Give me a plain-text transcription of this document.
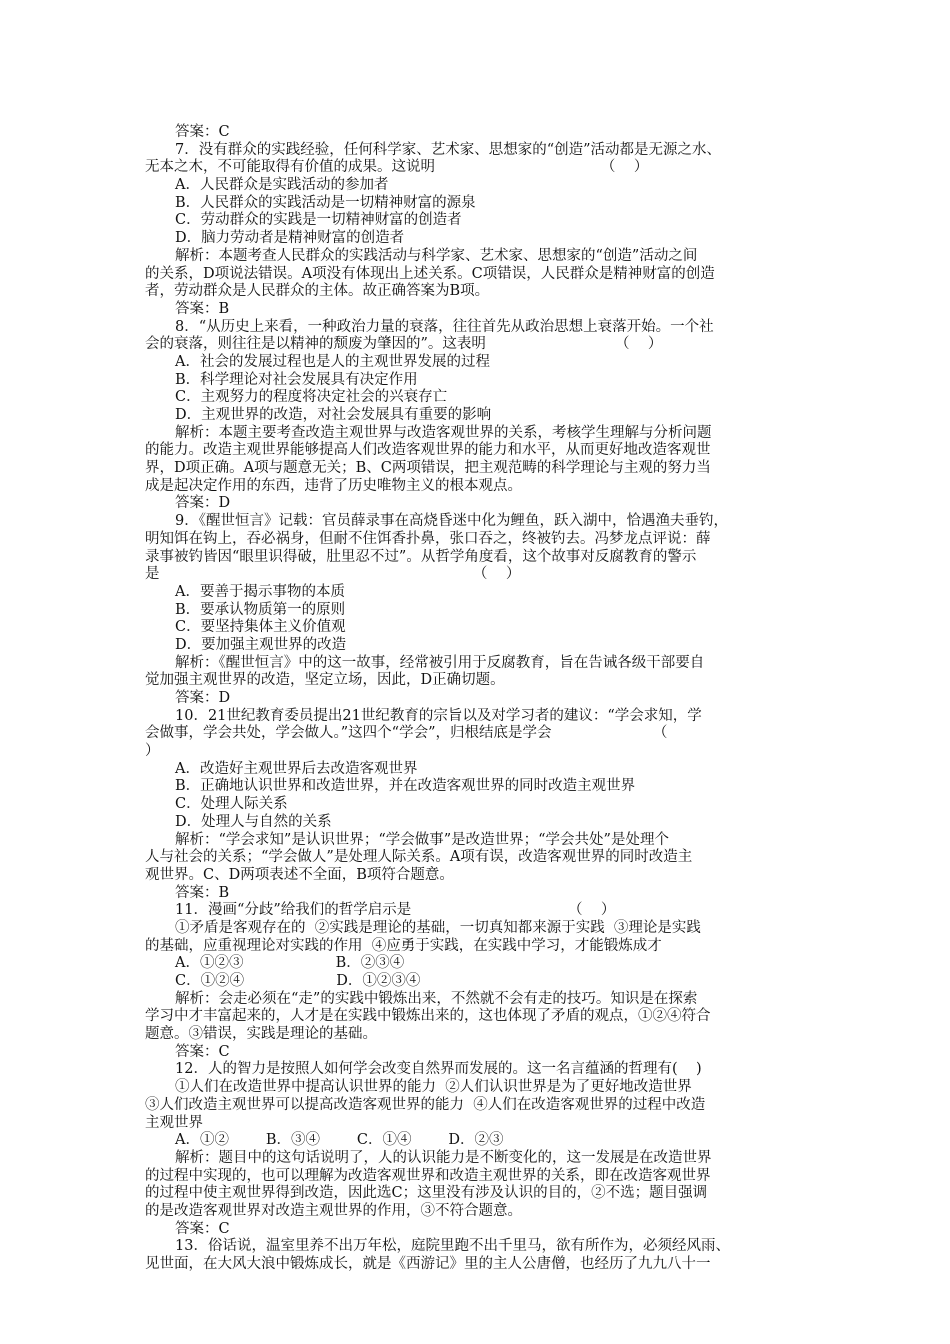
答案：C
7．没有群众的实践经验，任何科学家、艺术家、思想家的“创造”活动都是无源之水、
无本之木，不可能取得有价值的成果。这说明                                    （    ）
A．人民群众是实践活动的参加者
B．人民群众的实践活动是一切精神财富的源泉
C．劳动群众的实践是一切精神财富的创造者
D．脑力劳动者是精神财富的创造者
解析：本题考查人民群众的实践活动与科学家、艺术家、思想家的“创造”活动之间
的关系，D项说法错误。A项没有体现出上述关系。C项错误，人民群众是精神财富的创造
者，劳动群众是人民群众的主体。故正确答案为B项。
答案：B
8．“从历史上来看，一种政治力量的衰落，往往首先从政治思想上衰落开始。一个社
会的衰落，则往往是以精神的颓废为肇因的”。这表明                            （    ）
A．社会的发展过程也是人的主观世界发展的过程
B．科学理论对社会发展具有决定作用
C．主观努力的程度将决定社会的兴衰存亡
D．主观世界的改造，对社会发展具有重要的影响
解析：本题主要考查改造主观世界与改造客观世界的关系，考核学生理解与分析问题
的能力。改造主观世界能够提高人们改造客观世界的能力和水平，从而更好地改造客观世
界，D项正确。A项与题意无关；B、C两项错误，把主观范畴的科学理论与主观的努力当
成是起决定作用的东西，违背了历史唯物主义的根本观点。
答案：D
9．《醒世恒言》记载：官员薛录事在高烧昏迷中化为鲤鱼，跃入湖中，恰遇渔夫垂钓，
明知饵在钩上，吞必祸身，但耐不住饵香扑鼻，张口吞之，终被钓去。冯梦龙点评说：薛
录事被钓皆因“眼里识得破，肚里忍不过”。从哲学角度看，这个故事对反腐教育的警示
是                                                                    （    ）
A．要善于揭示事物的本质
B．要承认物质第一的原则
C．要坚持集体主义价值观
D．要加强主观世界的改造
解析：《醒世恒言》中的这一故事，经常被引用于反腐教育，旨在告诫各级干部要自
觉加强主观世界的改造，坚定立场，因此，D正确切题。
答案：D
10．21世纪教育委员提出21世纪教育的宗旨以及对学习者的建议：“学会求知，学
会做事，学会共处，学会做人。”这四个“学会”，归根结底是学会                      （
）
A．改造好主观世界后去改造客观世界
B．正确地认识世界和改造世界，并在改造客观世界的同时改造主观世界
C．处理人际关系
D．处理人与自然的关系
解析：“学会求知”是认识世界；“学会做事”是改造世界；“学会共处”是处理个
人与社会的关系；“学会做人”是处理人际关系。A项有误，改造客观世界的同时改造主
观世界。C、D两项表述不全面，B项符合题意。
答案：B
11．漫画“分歧”给我们的哲学启示是                                  （    ）
①矛盾是客观存在的  ②实践是理论的基础，一切真知都来源于实践  ③理论是实践
的基础，应重视理论对实践的作用  ④应勇于实践，在实践中学习，才能锻炼成才
A．①②③                    B．②③④
C．①②④                    D．①②③④
解析：会走必须在“走”的实践中锻炼出来，不然就不会有走的技巧。知识是在探索
学习中才丰富起来的，人才是在实践中锻炼出来的，这也体现了矛盾的观点，①②④符合
题意。③错误，实践是理论的基础。
答案：C
12．人的智力是按照人如何学会改变自然界而发展的。这一名言蕴涵的哲理有(    )
①人们在改造世界中提高认识世界的能力  ②人们认识世界是为了更好地改造世界
③人们改造主观世界可以提高改造客观世界的能力  ④人们在改造客观世界的过程中改造
主观世界
A．①②        B．③④        C．①④        D．②③
解析：题目中的这句话说明了，人的认识能力是不断变化的，这一发展是在改造世界
的过程中实现的，也可以理解为改造客观世界和改造主观世界的关系，即在改造客观世界
的过程中使主观世界得到改造，因此选C；这里没有涉及认识的目的，②不选；题目强调
的是改造客观世界对改造主观世界的作用，③不符合题意。
答案：C
13．俗话说，温室里养不出万年松，庭院里跑不出千里马，欲有所作为，必须经风雨、
见世面，在大风大浪中锻炼成长，就是《西游记》里的主人公唐僧，也经历了九九八十一
